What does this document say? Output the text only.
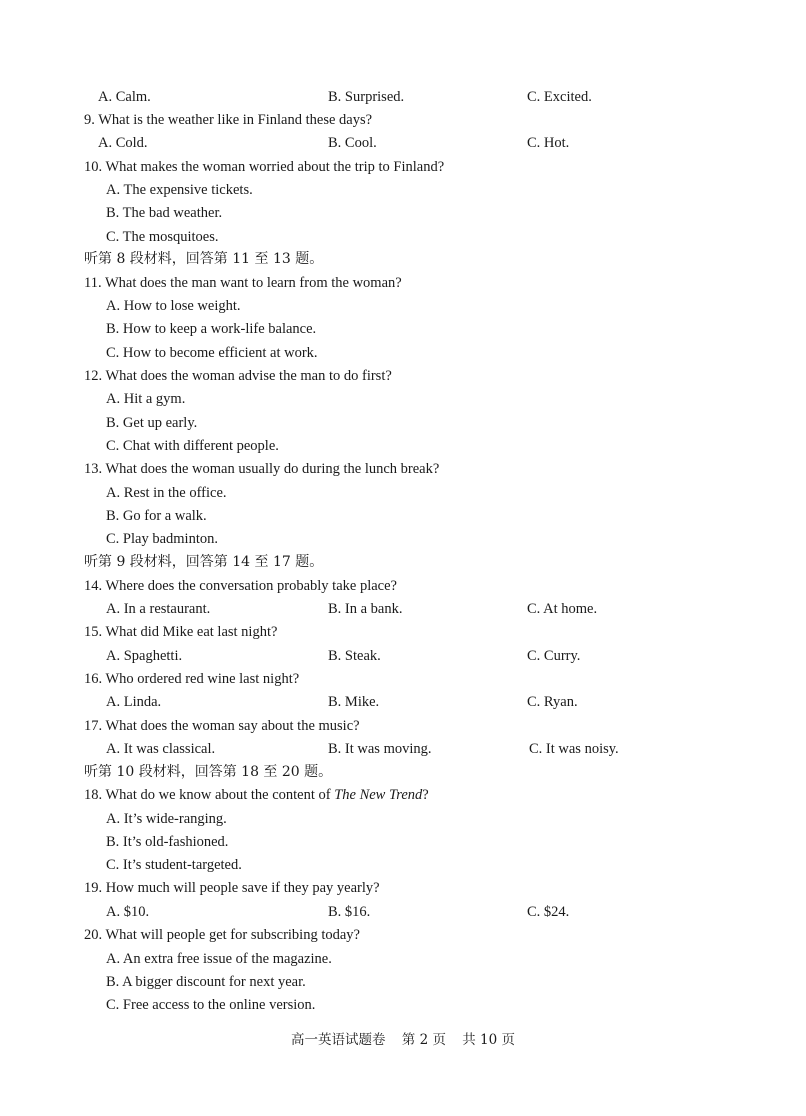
A. Calm.	B. Surprised.	C. Excited.
9. What is the weather like in Finland these days?
A. Cold.	B. Cool.	C. Hot.
10. What makes the woman worried about the trip to Finland?
A. The expensive tickets.
B. The bad weather.
C. The mosquitoes.
听第 8 段材料，回答第 11 至 13 题。
11. What does the man want to learn from the woman?
A. How to lose weight.
B. How to keep a work-life balance.
C. How to become efficient at work.
12. What does the woman advise the man to do first?
A. Hit a gym.
B. Get up early.
C. Chat with different people.
13. What does the woman usually do during the lunch break?
A. Rest in the office.
B. Go for a walk.
C. Play badminton.
听第 9 段材料，回答第 14 至 17 题。
14. Where does the conversation probably take place?
A. In a restaurant.	B. In a bank.	C. At home.
15. What did Mike eat last night?
A. Spaghetti.	B. Steak.	C. Curry.
16. Who ordered red wine last night?
A. Linda.	B. Mike.	C. Ryan.
17. What does the woman say about the music?
A. It was classical.	B. It was moving.	C. It was noisy.
听第 10 段材料，回答第 18 至 20 题。
18. What do we know about the content of The New Trend?
A. It’s wide-ranging.
B. It’s old-fashioned.
C. It’s student-targeted.
19. How much will people save if they pay yearly?
A. $10.	B. $16.	C. $24.
20. What will people get for subscribing today?
A. An extra free issue of the magazine.
B. A bigger discount for next year.
C. Free access to the online version.
高一英语试题卷 第 2 页 共 10 页
